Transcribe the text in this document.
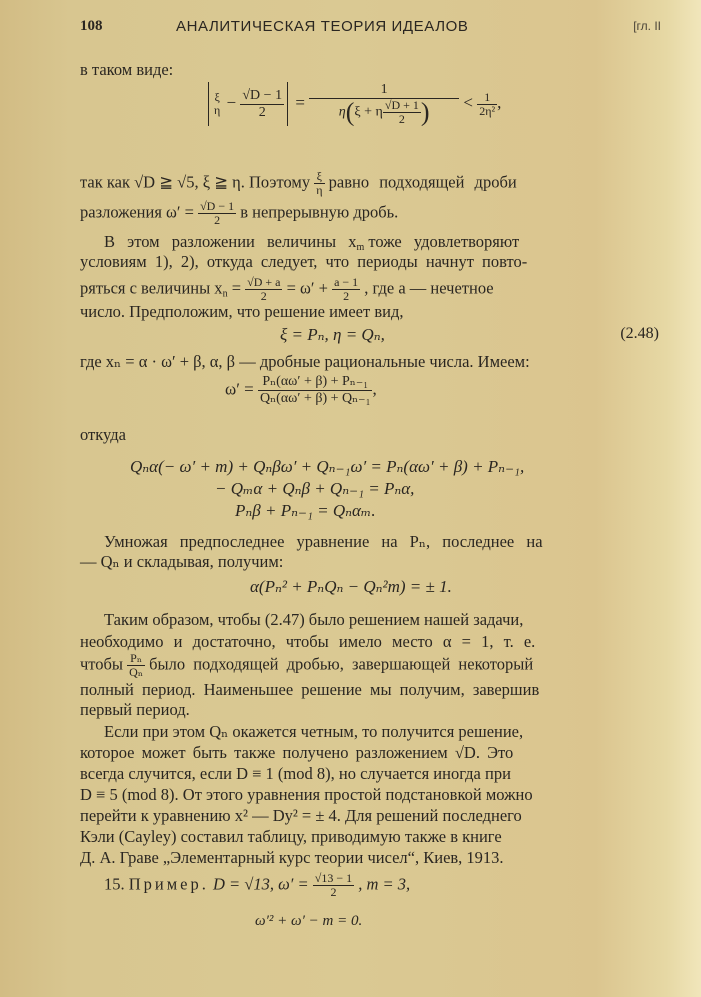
108	АНАЛИТИЧЕСКАЯ ТЕОРИЯ ИДЕАЛОВ	[гл. II
в таком виде:
ξ
$\eta - \frac{√D - 1}{2} = \frac{1}{\eta(\xi + \eta \frac{√D + 1}{2} )} < \frac{1}{\text{2η²}}$ ,
так как √D ≧ √5, ξ ≧ η. Поэтому $\frac{\xi}{\eta}$ равно подходящей дроби
разложения $\omega' = \frac{√D - 1}{2}$ в непрерывную дробь.
В этом разложении величины $x_m$ тоже удовлетворяют
условиям 1), 2), откуда следует, что периоды начнут повто-
ряться с величины $x_n = \frac{√D + a}{2} = \omega' + \frac{a - 1}{2}$ , где a — нечетное
число. Предположим, что решение имеет вид,
ξ = Pₙ, η = Qₙ,	(2.48)
где xₙ = α · ω′ + β, α, β — дробные рациональные числа. Имеем:
$\omega' = \frac{\text{Pₙ(αω′ + β) + Pₙ₋₁}}{\text{Qₙ(αω′ + β) + Qₙ₋₁}}$ ,
откуда
Qₙα(− ω′ + m) + Qₙβω′ + Qₙ₋₁ω′ = Pₙ(αω′ + β) + Pₙ₋₁,
− Qₘα + Qₙβ + Qₙ₋₁ = Pₙα,
Pₙβ + Pₙ₋₁ = Qₙαₘ.
Умножая предпоследнее уравнение на Pₙ, последнее на
— Qₙ и складывая, получим:
α(Pₙ² + PₙQₙ − Qₙ²m) = ± 1.
Таким образом, чтобы (2.47) было решением нашей задачи,
необходимо и достаточно, чтобы имело место α = 1, т. е.
чтобы $\frac{\text{Pₙ}}{\text{Qₙ}}$ было подходящей дробью, завершающей некоторый
полный период. Наименьшее решение мы получим, завершив
первый период.
Если при этом Qₙ окажется четным, то получится решение,
которое может быть также получено разложением √D. Это
всегда случится, если D ≡ 1 (mod 8), но случается иногда при
D ≡ 5 (mod 8). От этого уравнения простой подстановкой можно
перейти к уравнению x² — Dy² = ± 4. Для решений последнего
Кэли (Cayley) составил таблицу, приводимую также в книге
Д. А. Граве „Элементарный курс теории чисел“, Киев, 1913.
15. Пример. D = √13, $\omega' = \frac{√13 - 1}{2}$ , m = 3,
ω′² + ω′ − m = 0.
